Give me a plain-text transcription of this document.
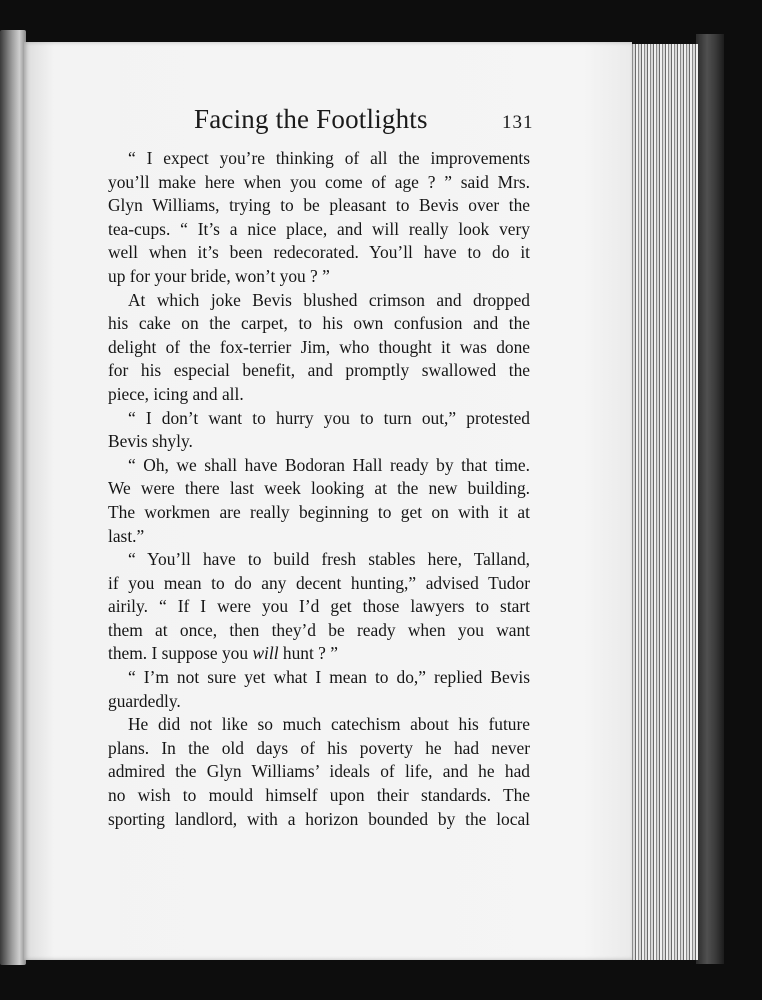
Facing the Footlights	131
“ I expect you’re thinking of all the improvements
you’ll make here when you come of age ? ” said Mrs.
Glyn Williams, trying to be pleasant to Bevis over the
tea-cups. “ It’s a nice place, and will really look very
well when it’s been redecorated. You’ll have to do it
up for your bride, won’t you ? ”
At which joke Bevis blushed crimson and dropped
his cake on the carpet, to his own confusion and the
delight of the fox-terrier Jim, who thought it was done
for his especial benefit, and promptly swallowed the
piece, icing and all.
“ I don’t want to hurry you to turn out,” protested
Bevis shyly.
“ Oh, we shall have Bodoran Hall ready by that time.
We were there last week looking at the new building.
The workmen are really beginning to get on with it at
last.”
“ You’ll have to build fresh stables here, Talland,
if you mean to do any decent hunting,” advised Tudor
airily. “ If I were you I’d get those lawyers to start
them at once, then they’d be ready when you want
them. I suppose you will hunt ? ”
“ I’m not sure yet what I mean to do,” replied Bevis
guardedly.
He did not like so much catechism about his future
plans. In the old days of his poverty he had never
admired the Glyn Williams’ ideals of life, and he had
no wish to mould himself upon their standards. The
sporting landlord, with a horizon bounded by the local
